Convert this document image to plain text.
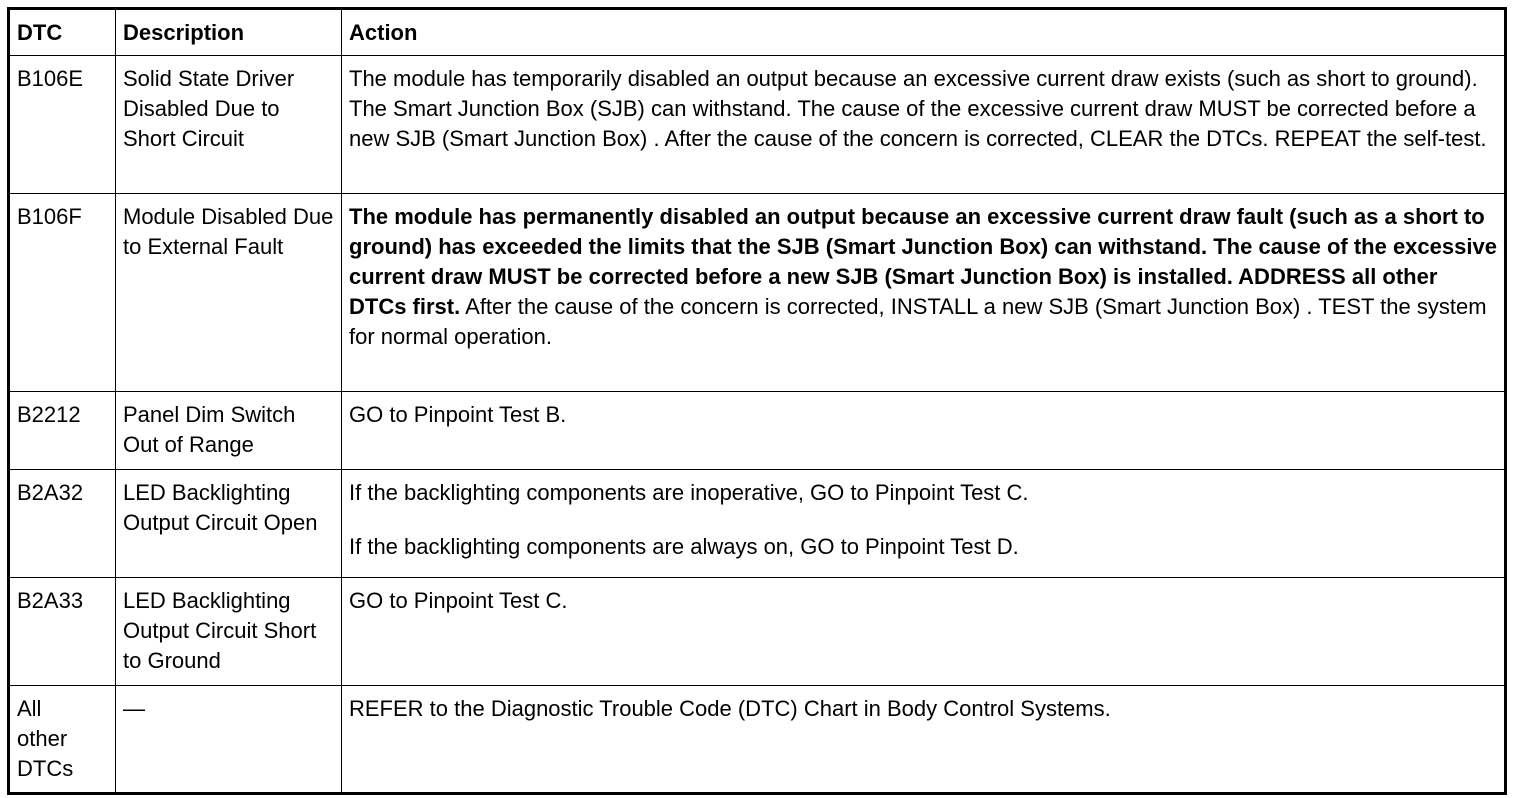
DTC	Description	Action
B106E	Solid State Driver Disabled Due to Short Circuit	The module has temporarily disabled an output because an excessive current draw exists (such as short to ground). The Smart Junction Box (SJB) can withstand. The cause of the excessive current draw MUST be corrected before a new SJB (Smart Junction Box) . After the cause of the concern is corrected, CLEAR the DTCs. REPEAT the self-test.

B106F	Module Disabled Due to External Fault	The module has permanently disabled an output because an excessive current draw fault (such as a short to ground) has exceeded the limits that the SJB (Smart Junction Box) can withstand. The cause of the excessive current draw MUST be corrected before a new SJB (Smart Junction Box) is installed. ADDRESS all other DTCs first. After the cause of the concern is corrected, INSTALL a new SJB (Smart Junction Box) . TEST the system for normal operation.

B2212	Panel Dim Switch Out of Range	GO to Pinpoint Test B.

B2A32	LED Backlighting Output Circuit Open	If the backlighting components are inoperative, GO to Pinpoint Test C.

If the backlighting components are always on, GO to Pinpoint Test D.

B2A33	LED Backlighting Output Circuit Short to Ground	GO to Pinpoint Test C.

All other DTCs	—	REFER to the Diagnostic Trouble Code (DTC) Chart in Body Control Systems.
